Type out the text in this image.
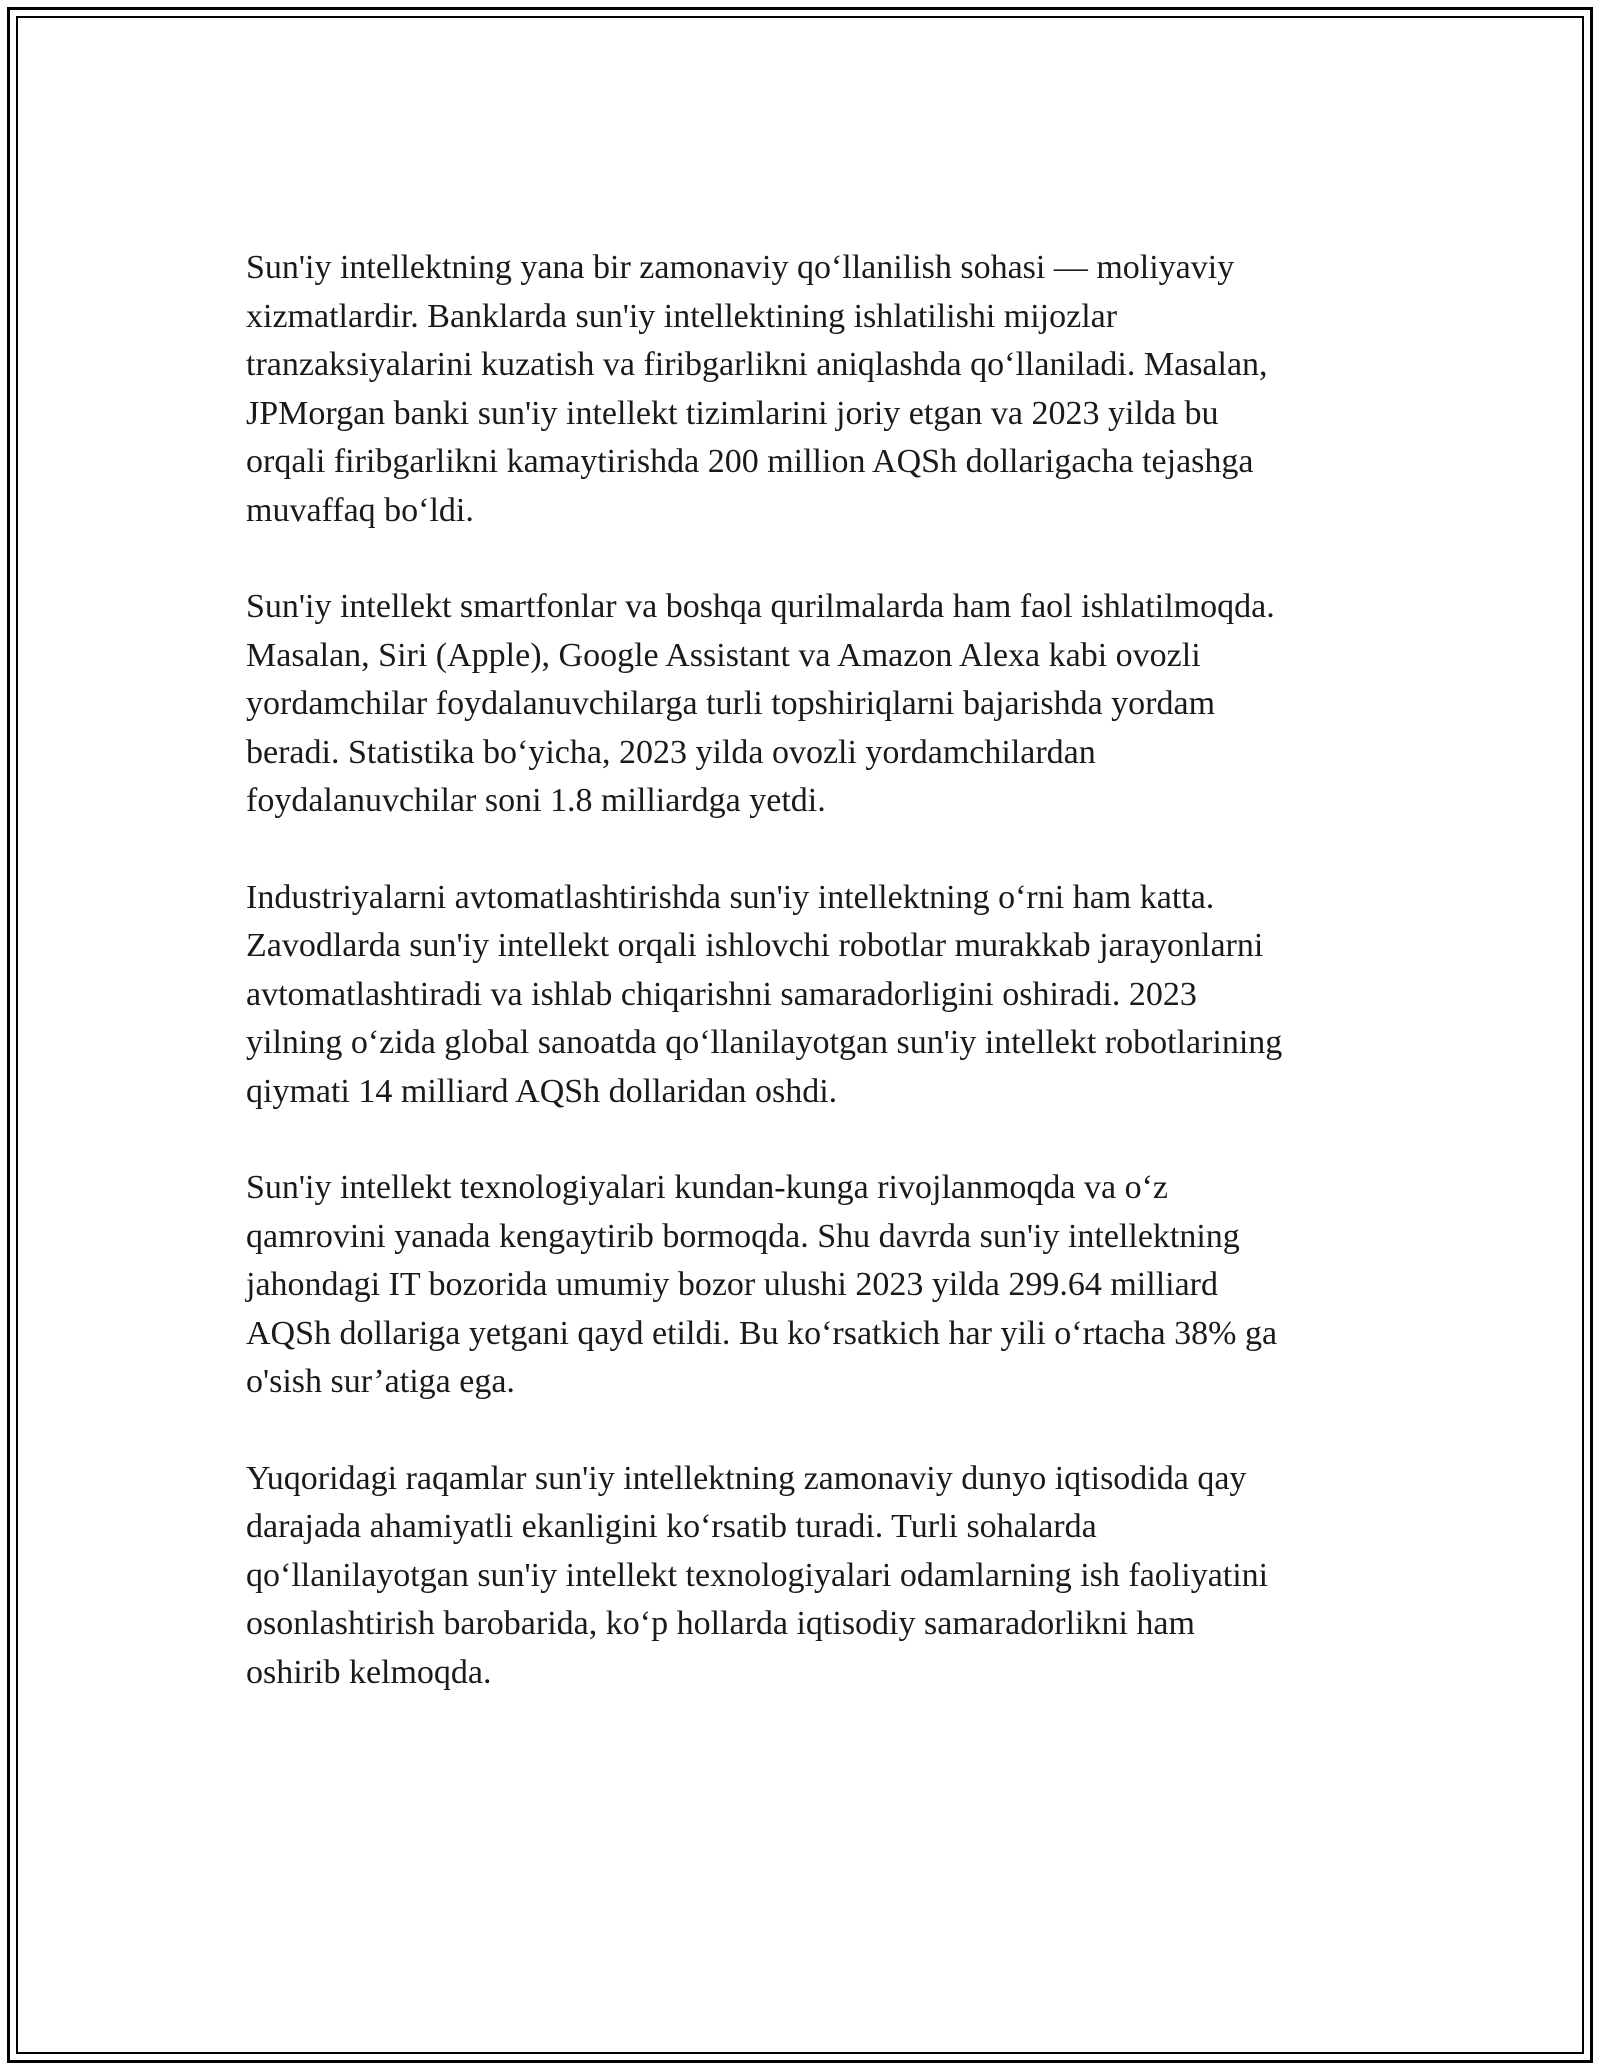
Sun'iy intellektning yana bir zamonaviy qo‘llanilish sohasi — moliyaviy
xizmatlardir. Banklarda sun'iy intellektining ishlatilishi mijozlar
tranzaksiyalarini kuzatish va firibgarlikni aniqlashda qo‘llaniladi. Masalan,
JPMorgan banki sun'iy intellekt tizimlarini joriy etgan va 2023 yilda bu
orqali firibgarlikni kamaytirishda 200 million AQSh dollarigacha tejashga
muvaffaq bo‘ldi.

Sun'iy intellekt smartfonlar va boshqa qurilmalarda ham faol ishlatilmoqda.
Masalan, Siri (Apple), Google Assistant va Amazon Alexa kabi ovozli
yordamchilar foydalanuvchilarga turli topshiriqlarni bajarishda yordam
beradi. Statistika bo‘yicha, 2023 yilda ovozli yordamchilardan
foydalanuvchilar soni 1.8 milliardga yetdi.

Industriyalarni avtomatlashtirishda sun'iy intellektning o‘rni ham katta.
Zavodlarda sun'iy intellekt orqali ishlovchi robotlar murakkab jarayonlarni
avtomatlashtiradi va ishlab chiqarishni samaradorligini oshiradi. 2023
yilning o‘zida global sanoatda qo‘llanilayotgan sun'iy intellekt robotlarining
qiymati 14 milliard AQSh dollaridan oshdi.

Sun'iy intellekt texnologiyalari kundan-kunga rivojlanmoqda va o‘z
qamrovini yanada kengaytirib bormoqda. Shu davrda sun'iy intellektning
jahondagi IT bozorida umumiy bozor ulushi 2023 yilda 299.64 milliard
AQSh dollariga yetgani qayd etildi. Bu ko‘rsatkich har yili o‘rtacha 38% ga
o'sish sur’atiga ega.

Yuqoridagi raqamlar sun'iy intellektning zamonaviy dunyo iqtisodida qay
darajada ahamiyatli ekanligini ko‘rsatib turadi. Turli sohalarda
qo‘llanilayotgan sun'iy intellekt texnologiyalari odamlarning ish faoliyatini
osonlashtirish barobarida, ko‘p hollarda iqtisodiy samaradorlikni ham
oshirib kelmoqda.
